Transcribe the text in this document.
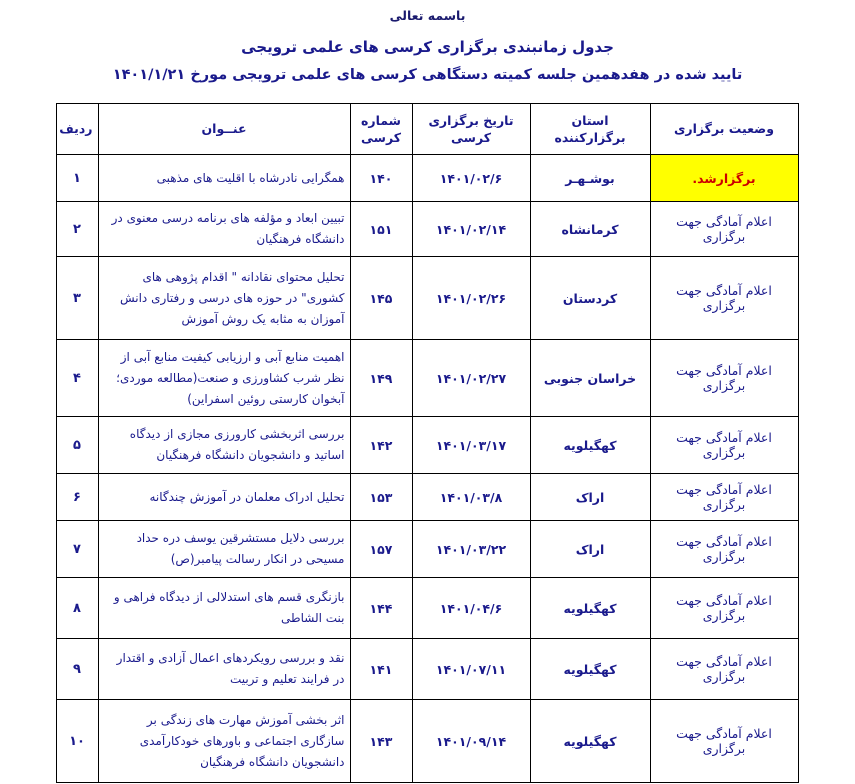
باسمه تعالی
جدول زمانبندی برگزاری کرسی های علمی ترویجی
تایید شده در هفدهمین جلسه کمیته دستگاهی کرسی های علمی ترویجی مورخ ۱۴۰۱/۱/۲۱
وضعیت برگزاری	استان برگزارکننده	تاریخ برگزاری کرسی	شماره کرسی	عنــوان	ردیف
برگزارشد.	بوشـهـر	۱۴۰۱/۰۲/۶	۱۴۰	همگرایی نادرشاه با اقلیت های مذهبی	۱
اعلام آمادگی جهت برگزاری	کرمانشاه	۱۴۰۱/۰۲/۱۴	۱۵۱	تبیین ابعاد و مؤلفه های برنامه درسی معنوی در دانشگاه فرهنگیان	۲
اعلام آمادگی جهت برگزاری	کردستان	۱۴۰۱/۰۲/۲۶	۱۴۵	تحلیل محتوای نقادانه " اقدام پژوهی های کشوری" در حوزه های درسی و رفتاری دانش آموزان به مثابه یک روش آموزش	۳
اعلام آمادگی جهت برگزاری	خراسان جنوبی	۱۴۰۱/۰۲/۲۷	۱۴۹	اهمیت منابع آبی و ارزیابی کیفیت منابع آبی از نظر شرب کشاورزی و صنعت(مطالعه موردی؛ آبخوان کارستی روئین اسفراین)	۴
اعلام آمادگی جهت برگزاری	کهگیلویه	۱۴۰۱/۰۳/۱۷	۱۴۲	بررسی اثربخشی کارورزی مجازی از دیدگاه اساتید و دانشجویان دانشگاه فرهنگیان	۵
اعلام آمادگی جهت برگزاری	اراک	۱۴۰۱/۰۳/۸	۱۵۳	تحلیل ادراک معلمان در آموزش چندگانه	۶
اعلام آمادگی جهت برگزاری	اراک	۱۴۰۱/۰۳/۲۲	۱۵۷	بررسی دلایل مستشرقین یوسف دره حداد مسیحی در انکار رسالت پیامبر(ص)	۷
اعلام آمادگی جهت برگزاری	کهگیلویه	۱۴۰۱/۰۴/۶	۱۴۴	بازنگری قسم های استدلالی از دیدگاه فراهی و بنت الشاطی	۸
اعلام آمادگی جهت برگزاری	کهگیلویه	۱۴۰۱/۰۷/۱۱	۱۴۱	نقد و بررسی رویکردهای اعمال آزادی و اقتدار در فرایند تعلیم و تربیت	۹
اعلام آمادگی جهت برگزاری	کهگیلویه	۱۴۰۱/۰۹/۱۴	۱۴۳	اثر بخشی آموزش مهارت های زندگی بر سازگاری اجتماعی و باورهای خودکارآمدی دانشجویان دانشگاه فرهنگیان	۱۰
